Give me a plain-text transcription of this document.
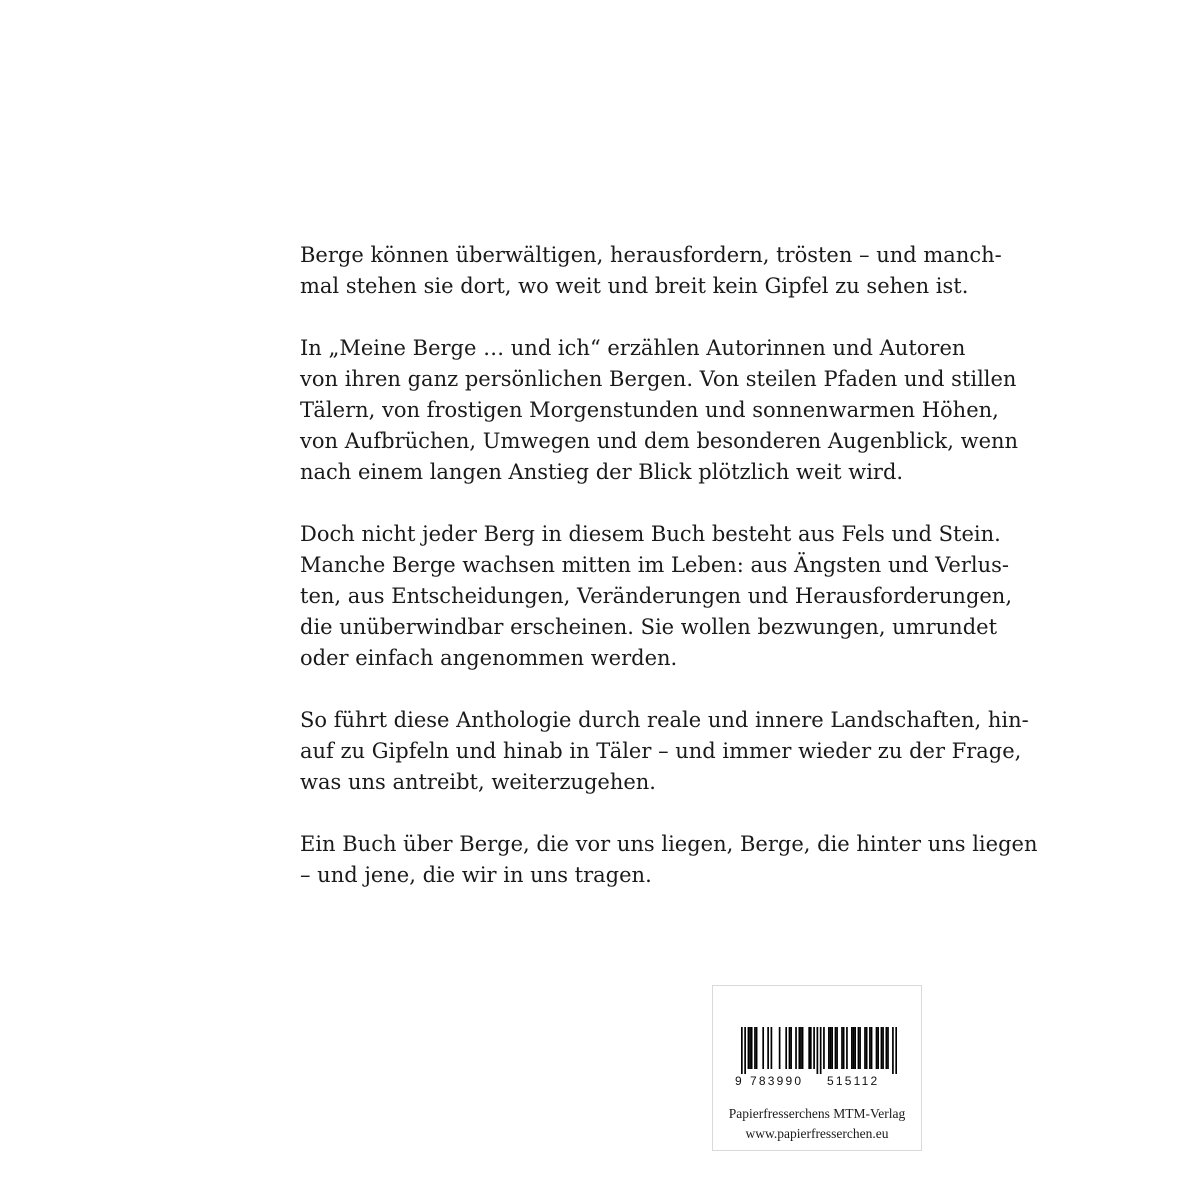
Berge können überwältigen, herausfordern, trösten – und manch-
mal stehen sie dort, wo weit und breit kein Gipfel zu sehen ist.

In „Meine Berge … und ich“ erzählen Autorinnen und Autoren
von ihren ganz persönlichen Bergen. Von steilen Pfaden und stillen
Tälern, von frostigen Morgenstunden und sonnenwarmen Höhen,
von Aufbrüchen, Umwegen und dem besonderen Augenblick, wenn
nach einem langen Anstieg der Blick plötzlich weit wird.

Doch nicht jeder Berg in diesem Buch besteht aus Fels und Stein.
Manche Berge wachsen mitten im Leben: aus Ängsten und Verlus-
ten, aus Entscheidungen, Veränderungen und Herausforderungen,
die unüberwindbar erscheinen. Sie wollen bezwungen, umrundet
oder einfach angenommen werden.

So führt diese Anthologie durch reale und innere Landschaften, hin-
auf zu Gipfeln und hinab in Täler – und immer wieder zu der Frage,
was uns antreibt, weiterzugehen.

Ein Buch über Berge, die vor uns liegen, Berge, die hinter uns liegen
– und jene, die wir in uns tragen.

9 783990 515112
Papierfresserchens MTM-Verlag
www.papierfresserchen.eu
